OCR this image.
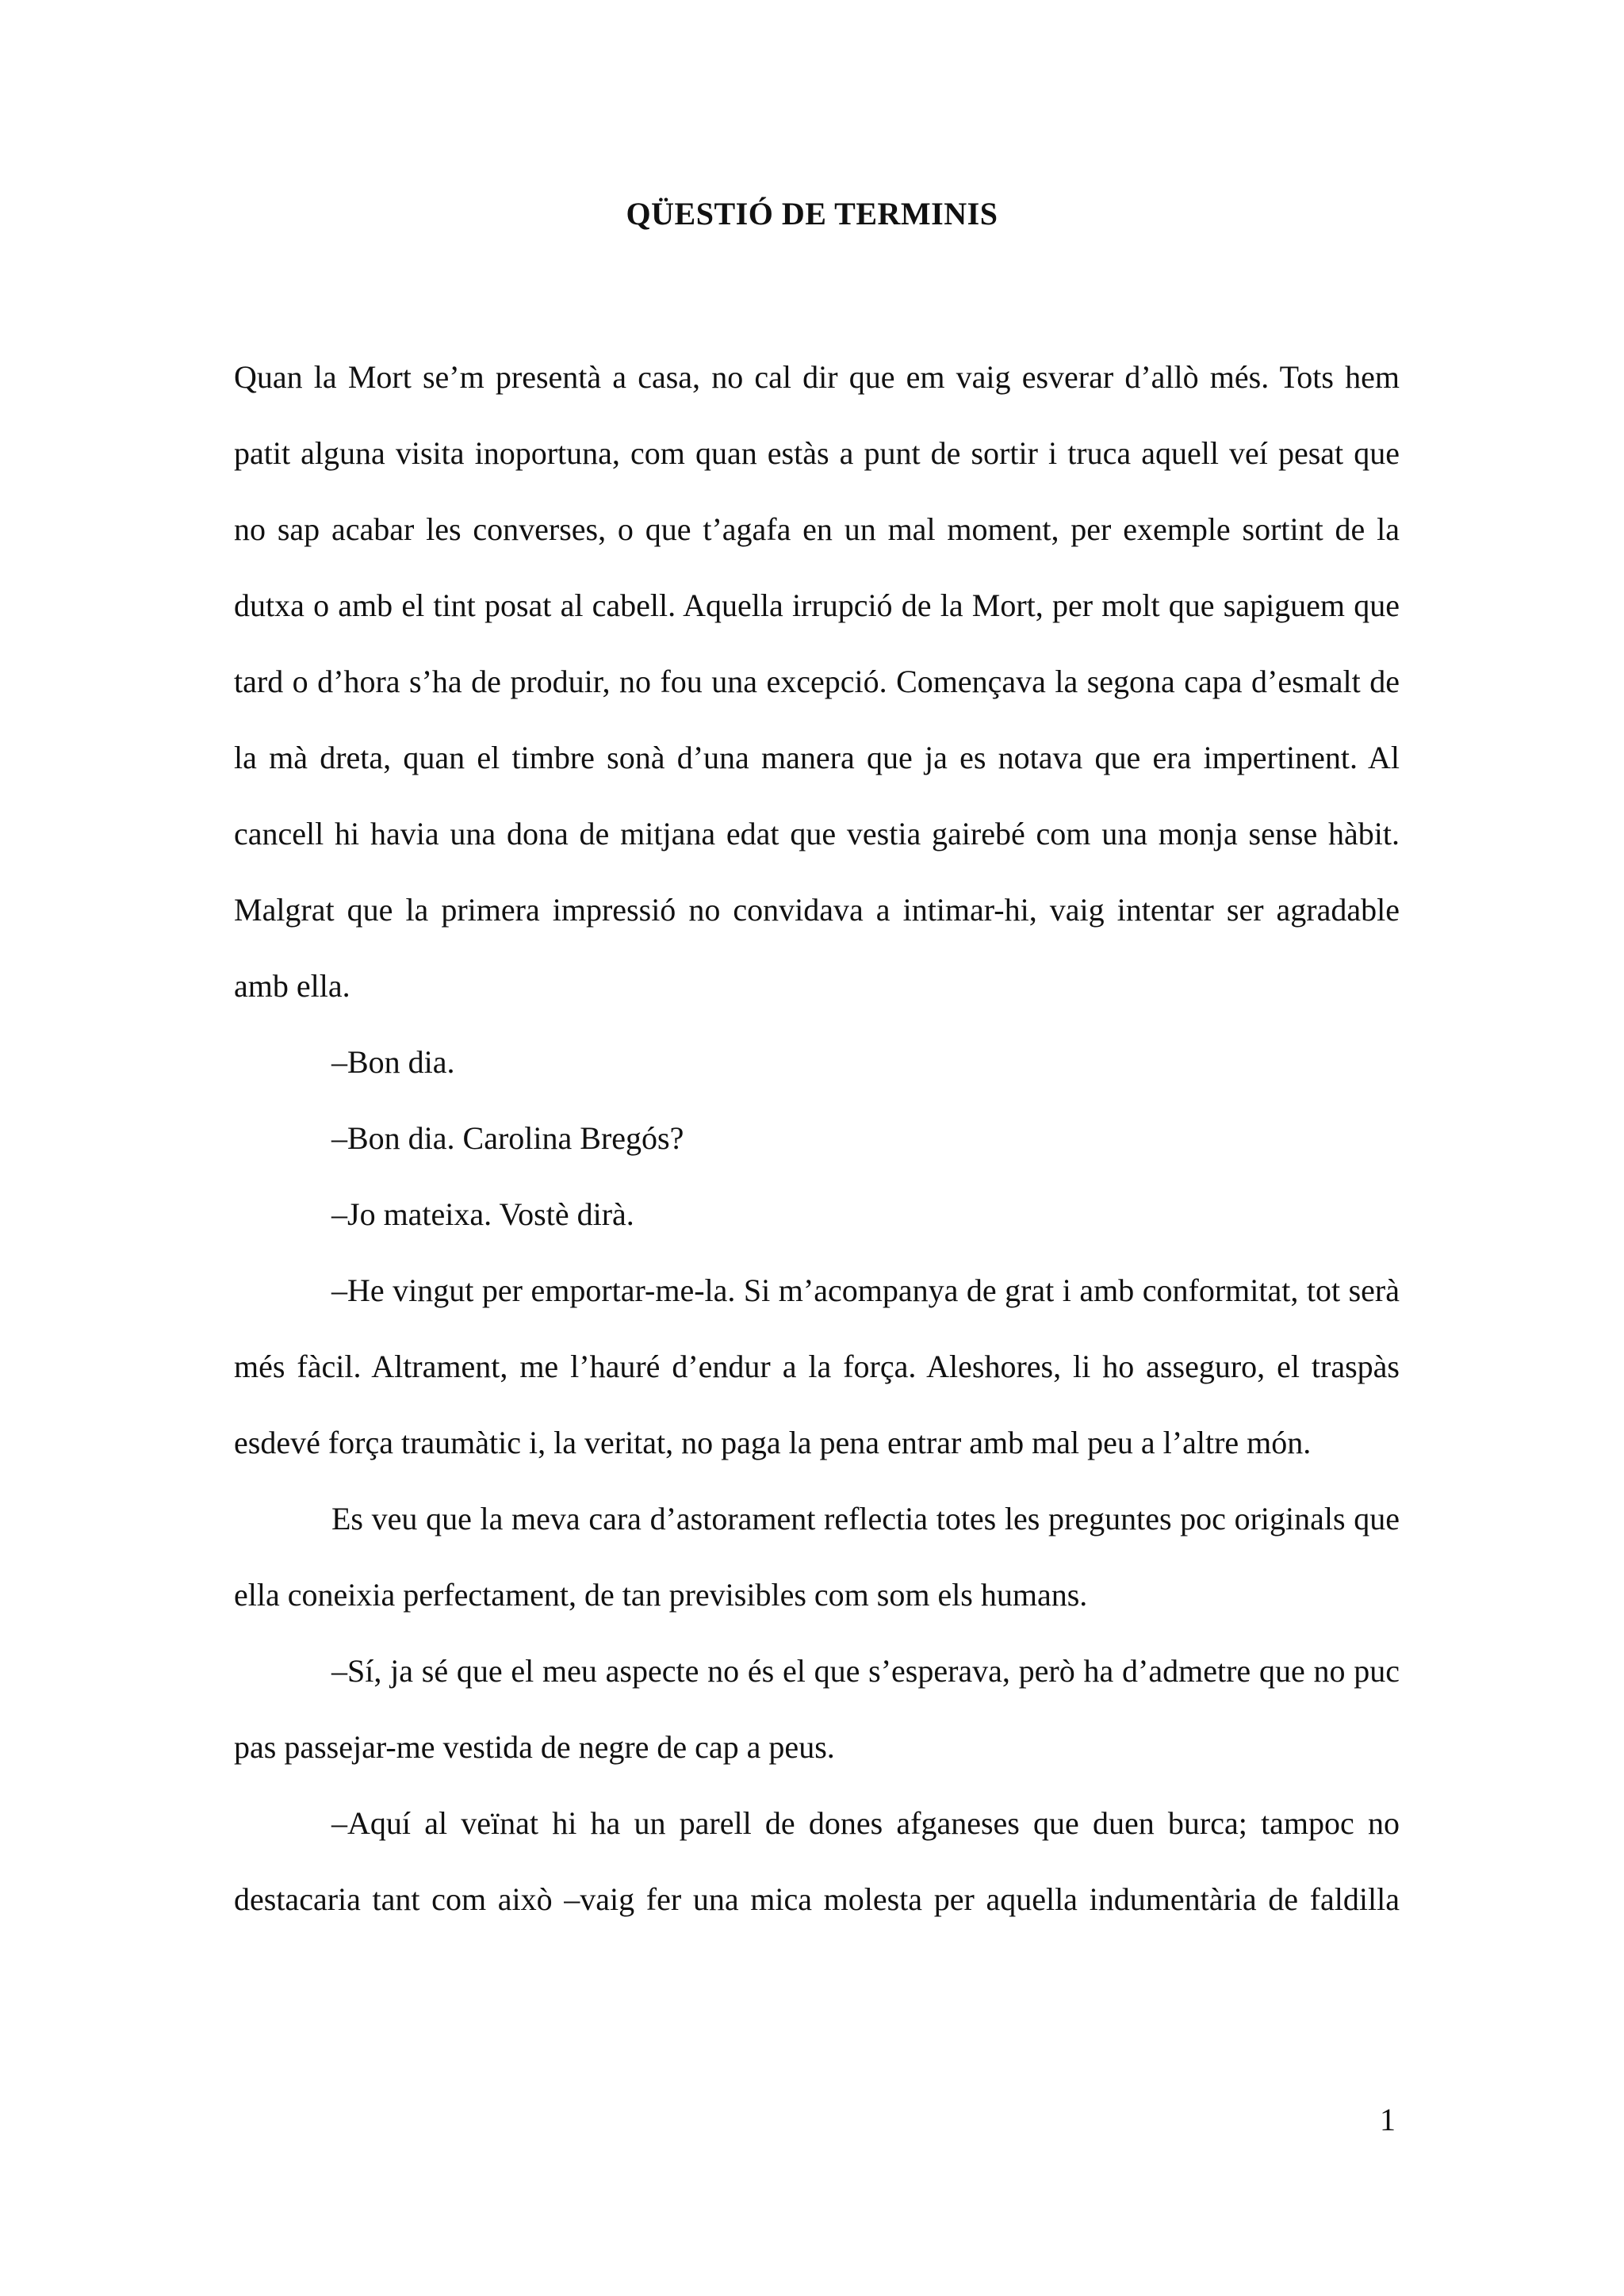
QÜESTIÓ DE TERMINIS

Quan la Mort se’m presentà a casa, no cal dir que em vaig esverar d’allò més. Tots hem patit alguna visita inoportuna, com quan estàs a punt de sortir i truca aquell veí pesat que no sap acabar les converses, o que t’agafa en un mal moment, per exemple sortint de la dutxa o amb el tint posat al cabell. Aquella irrupció de la Mort, per molt que sapiguem que tard o d’hora s’ha de produir, no fou una excepció. Començava la segona capa d’esmalt de la mà dreta, quan el timbre sonà d’una manera que ja es notava que era impertinent. Al cancell hi havia una dona de mitjana edat que vestia gairebé com una monja sense hàbit. Malgrat que la primera impressió no convidava a intimar-hi, vaig intentar ser agradable amb ella.

–Bon dia.

–Bon dia. Carolina Bregós?

–Jo mateixa. Vostè dirà.

–He vingut per emportar-me-la. Si m’acompanya de grat i amb conformitat, tot serà més fàcil. Altrament, me l’hauré d’endur a la força. Aleshores, li ho asseguro, el traspàs esdevé força traumàtic i, la veritat, no paga la pena entrar amb mal peu a l’altre món.

Es veu que la meva cara d’astorament reflectia totes les preguntes poc originals que ella coneixia perfectament, de tan previsibles com som els humans.

–Sí, ja sé que el meu aspecte no és el que s’esperava, però ha d’admetre que no puc pas passejar-me vestida de negre de cap a peus.

–Aquí al veïnat hi ha un parell de dones afganeses que duen burca; tampoc no destacaria tant com això –vaig fer una mica molesta per aquella indumentària de faldilla

1
